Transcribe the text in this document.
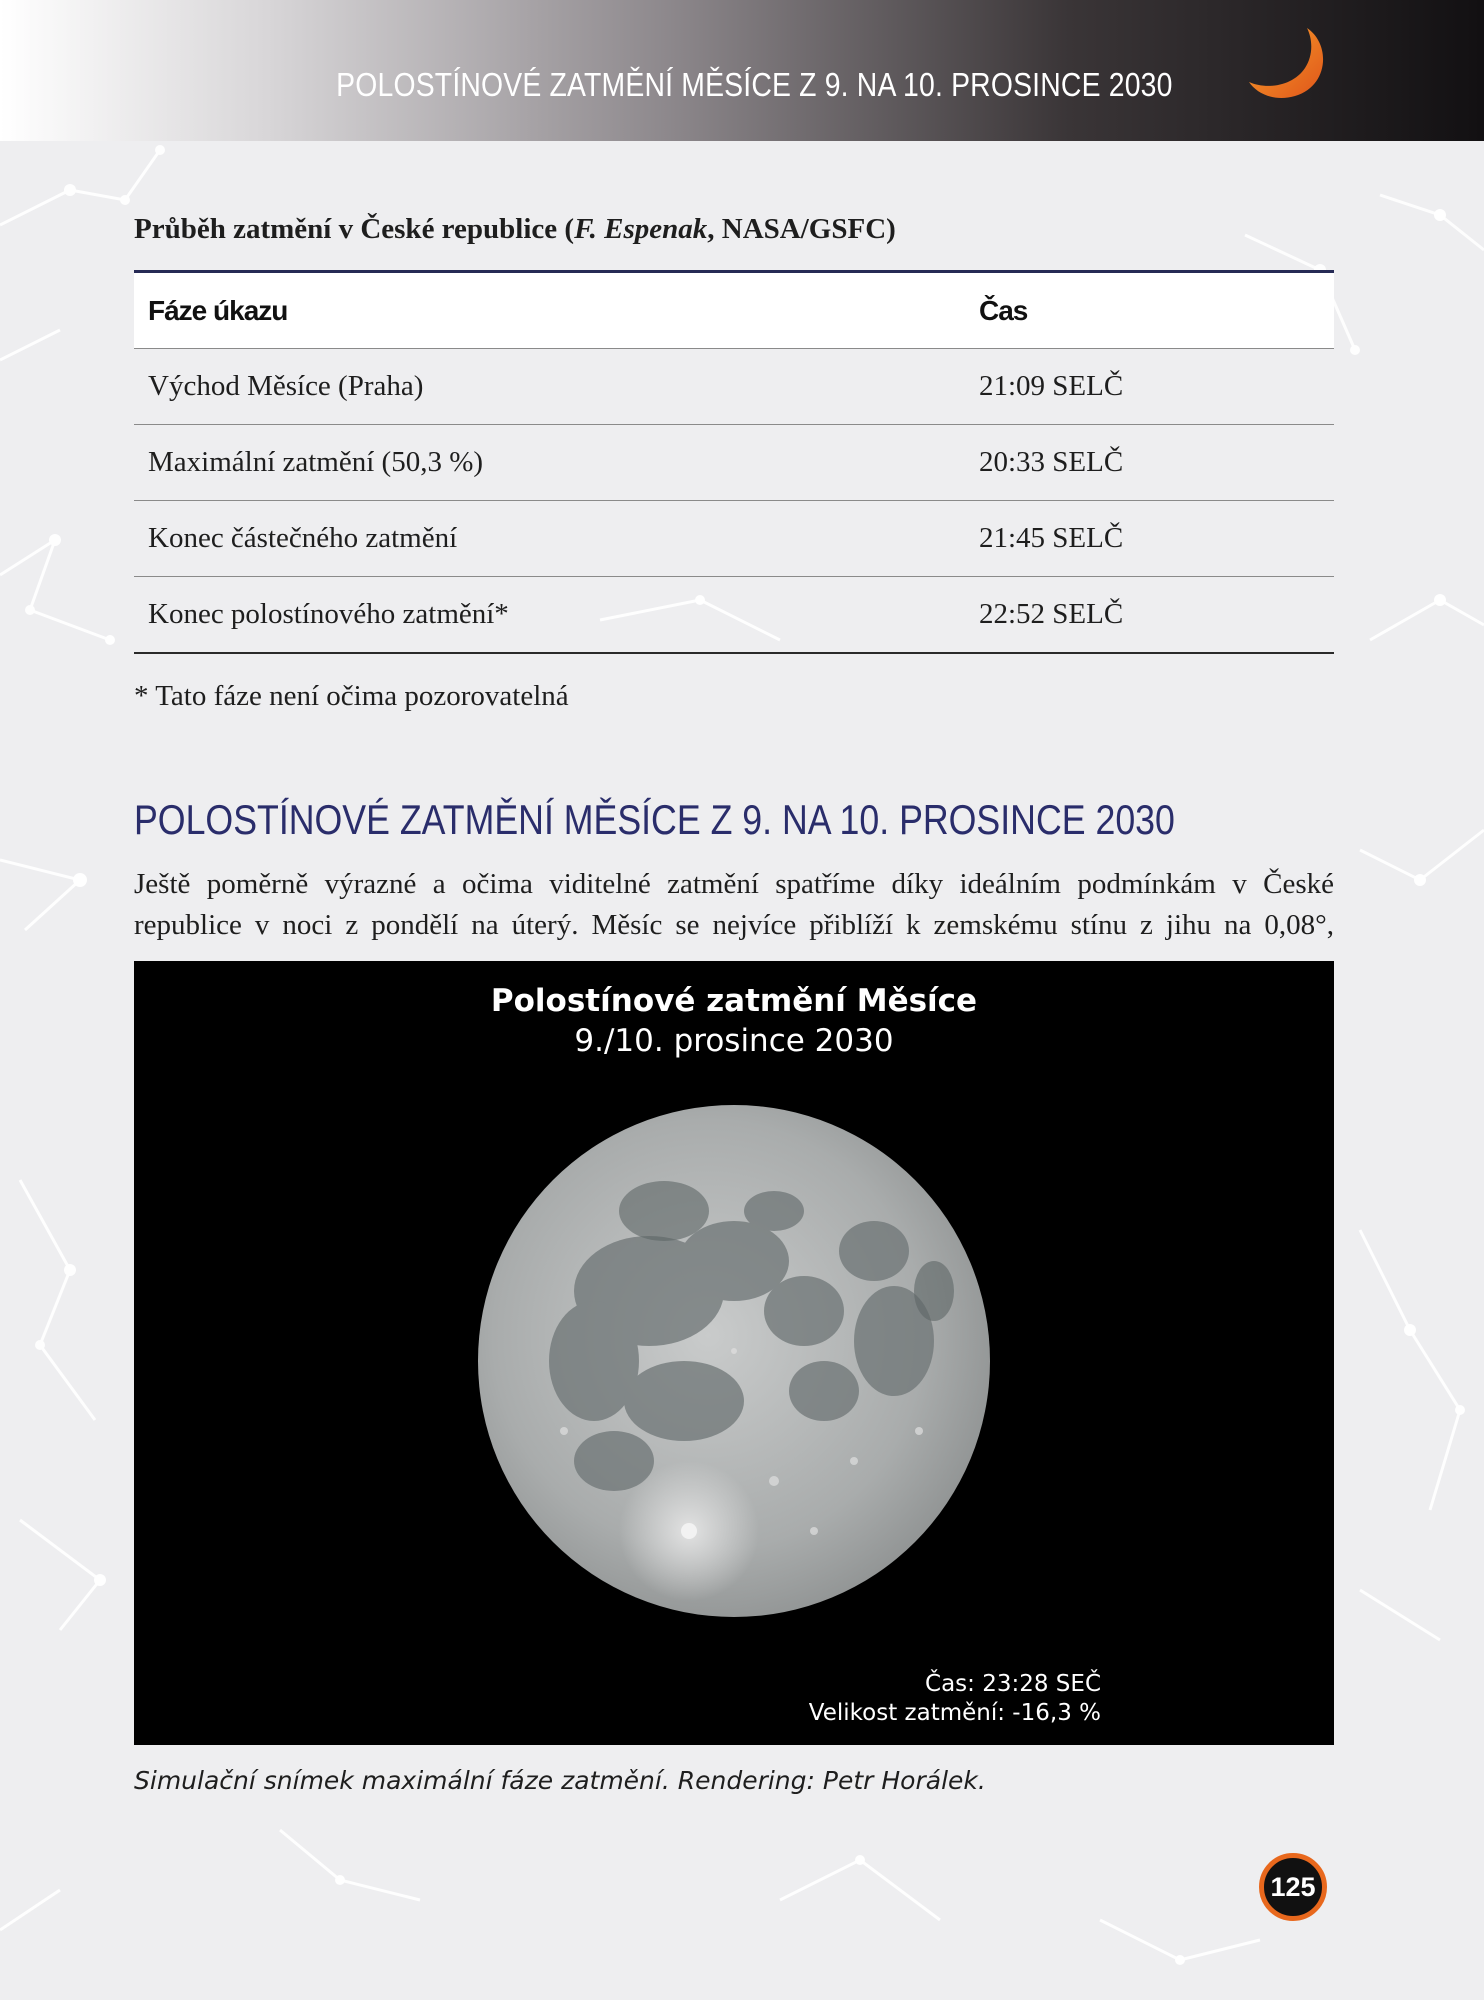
POLOSTÍNOVÉ ZATMĚNÍ MĚSÍCE Z 9. NA 10. PROSINCE 2030
Průběh zatmění v České republice (F. Espenak, NASA/GSFC)
Fáze úkazu	Čas
Východ Měsíce (Praha)	21:09 SELČ
Maximální zatmění (50,3 %)	20:33 SELČ
Konec částečného zatmění	21:45 SELČ
Konec polostínového zatmění*	22:52 SELČ
* Tato fáze není očima pozorovatelná
POLOSTÍNOVÉ ZATMĚNÍ MĚSÍCE Z 9. NA 10. PROSINCE 2030
Ještě poměrně výrazné a očima viditelné zatmění spatříme díky ideálním podmínkám v České
republice v noci z pondělí na úterý. Měsíc se nejvíce přiblíží k zemskému stínu z jihu na 0,08°,
Polostínové zatmění Měsíce
9./10. prosince 2030
Čas: 23:28 SEČ
Velikost zatmění: -16,3 %
Simulační snímek maximální fáze zatmění. Rendering: Petr Horálek.
125
